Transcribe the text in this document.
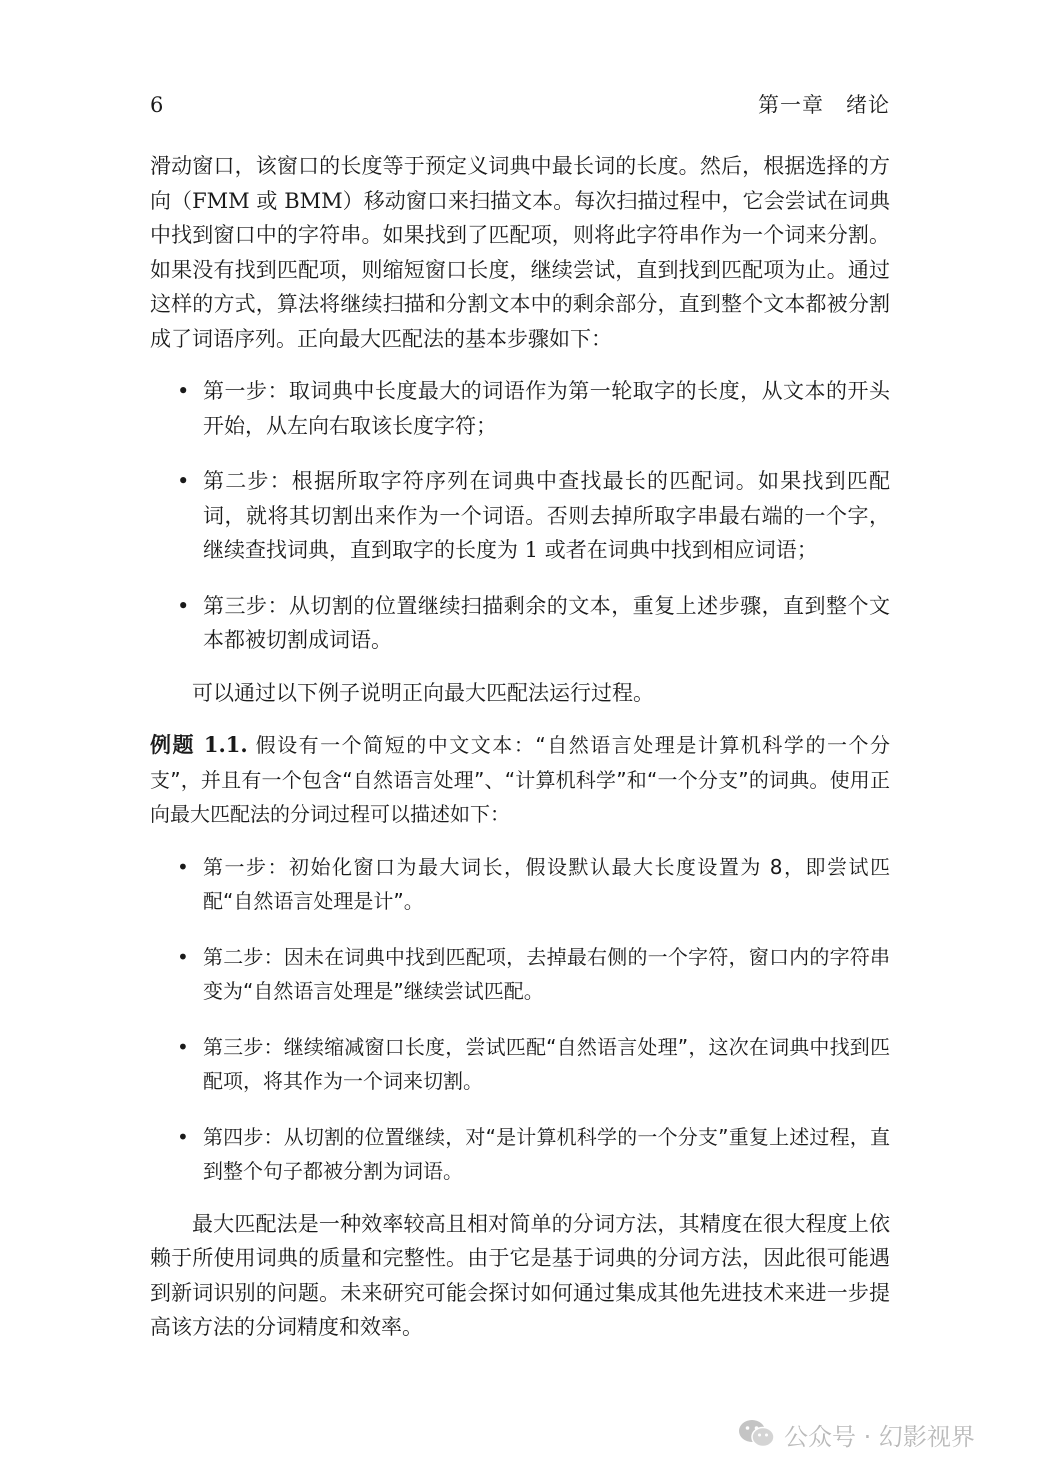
6	第一章　绪论

滑动窗口，该窗口的长度等于预定义词典中最长词的长度。然后，根据选择的方向（FMM 或 BMM）移动窗口来扫描文本。每次扫描过程中，它会尝试在词典中找到窗口中的字符串。如果找到了匹配项，则将此字符串作为一个词来分割。如果没有找到匹配项，则缩短窗口长度，继续尝试，直到找到匹配项为止。通过这样的方式，算法将继续扫描和分割文本中的剩余部分，直到整个文本都被分割成了词语序列。正向最大匹配法的基本步骤如下：

• 第一步：取词典中长度最大的词语作为第一轮取字的长度，从文本的开头开始，从左向右取该长度字符；
• 第二步：根据所取字符序列在词典中查找最长的匹配词。如果找到匹配词，就将其切割出来作为一个词语。否则去掉所取字串最右端的一个字，继续查找词典，直到取字的长度为 1 或者在词典中找到相应词语；
• 第三步：从切割的位置继续扫描剩余的文本，重复上述步骤，直到整个文本都被切割成词语。

可以通过以下例子说明正向最大匹配法运行过程。

例题 1.1. 假设有一个简短的中文文本：“自然语言处理是计算机科学的一个分支”，并且有一个包含“自然语言处理”、“计算机科学”和“一个分支”的词典。使用正向最大匹配法的分词过程可以描述如下：
• 第一步：初始化窗口为最大词长，假设默认最大长度设置为 8，即尝试匹配“自然语言处理是计”。
• 第二步：因未在词典中找到匹配项，去掉最右侧的一个字符，窗口内的字符串变为“自然语言处理是”继续尝试匹配。
• 第三步：继续缩减窗口长度，尝试匹配“自然语言处理”，这次在词典中找到匹配项，将其作为一个词来切割。
• 第四步：从切割的位置继续，对“是计算机科学的一个分支”重复上述过程，直到整个句子都被分割为词语。

最大匹配法是一种效率较高且相对简单的分词方法，其精度在很大程度上依赖于所使用词典的质量和完整性。由于它是基于词典的分词方法，因此很可能遇到新词识别的问题。未来研究可能会探讨如何通过集成其他先进技术来进一步提高该方法的分词精度和效率。

公众号 · 幻影视界
